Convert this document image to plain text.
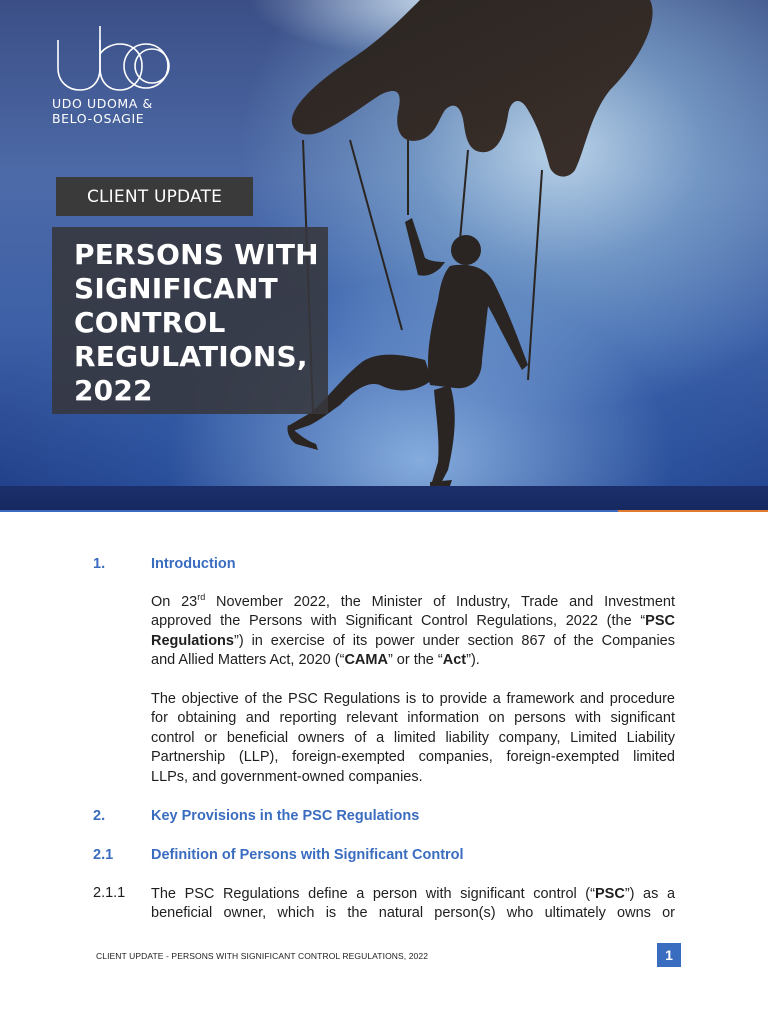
UDO UDOMA &
BELO-OSAGIE
CLIENT UPDATE
PERSONS WITH
SIGNIFICANT
CONTROL
REGULATIONS,
2022
1.	Introduction
On 23rd November 2022, the Minister of Industry, Trade and Investment
approved the Persons with Significant Control Regulations, 2022 (the “PSC
Regulations”) in exercise of its power under section 867 of the Companies
and Allied Matters Act, 2020 (“CAMA” or the “Act”).
The objective of the PSC Regulations is to provide a framework and procedure
for obtaining and reporting relevant information on persons with significant
control or beneficial owners of a limited liability company, Limited Liability
Partnership (LLP), foreign-exempted companies, foreign-exempted limited
LLPs, and government-owned companies.
2.	Key Provisions in the PSC Regulations
2.1	Definition of Persons with Significant Control
2.1.1 The PSC Regulations define a person with significant control (“PSC”) as a
beneficial owner, which is the natural person(s) who ultimately owns or
CLIENT UPDATE - PERSONS WITH SIGNIFICANT CONTROL REGULATIONS, 2022	1
